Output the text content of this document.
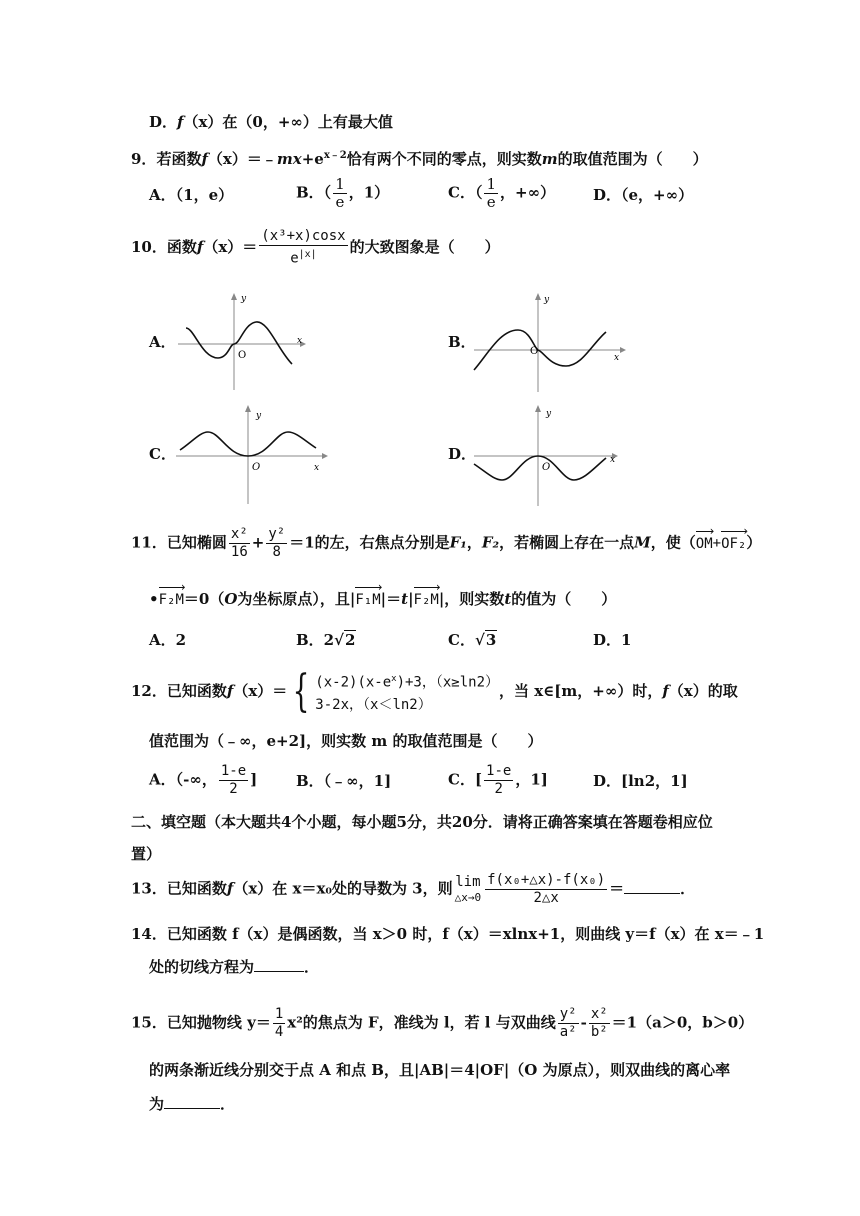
D．f（x）在（0，+∞）上有最大值
9．若函数$f(x)=﹣mx+e^{x﹣2}$恰有两个不同的零点，则实数m的取值范围为（　　）
A．（1，e）	B．（ $\frac{1}{e}$ ，1）	C．（ $\frac{1}{e}$ ，+∞）	D．（e，+∞）
10．函数$f(x)= \frac{\text{(x³+x)cosx}}{e^{|x|}}$ 的大致图象是（　　）
A．	B．
C．	D．
O
y
x
O
y
x
O
y
x	O
y
x
11．已知椭圆 $\frac{\text{x²}}{16} + \frac{\text{y²}}{8} =1$的左，右焦点分别是F₁，F₂，若椭圆上存在一点M，使（OM ›+OF₂ ›）
•F₂M ›＝0（O为坐标原点），且|F₁M ›|＝t|F₂M ›|，则实数t的值为（　　）
A．2	B．2√2	C．√3	D．1
12．已知函数f（x）＝ { $(x-2)(x-e^x)+3$，（x≥ln2）
3-2x，（x＜ln2）
，当 x∈[m，+∞）时，f（x）的取
值范围为（﹣∞，e+2]，则实数 m 的取值范围是（　　）
A．（-∞， $\frac{1-e}{2}$ ]	B．（﹣∞，1]	C．[ $\frac{1-e}{2}$ ，1]	D．[ln2，1]
二、填空题（本大题共4个小题，每小题5分，共20分．请将正确答案填在答题卷相应位
置）
13．已知函数f（x）在 x＝x₀处的导数为 3，则 lim
△x→0 $\frac{\text{f(x₀+△x)-f(x₀)}}{2\triangle x}$ ＝	．
14．已知函数 f（x）是偶函数，当 x＞0 时，f（x）＝xlnx+1，则曲线 y＝f（x）在 x＝﹣1
处的切线方程为	．
15．已知抛物线 $y= \frac{1}{4} x^2$的焦点为 F，准线为 l，若 l 与双曲线 $\frac{\text{y²}}{\text{a²}} - \frac{\text{x²}}{\text{b²}} =1(a>0$，b＞0）
的两条渐近线分别交于点 A 和点 B，且|AB|＝4|OF|（O 为原点），则双曲线的离心率
为	．
